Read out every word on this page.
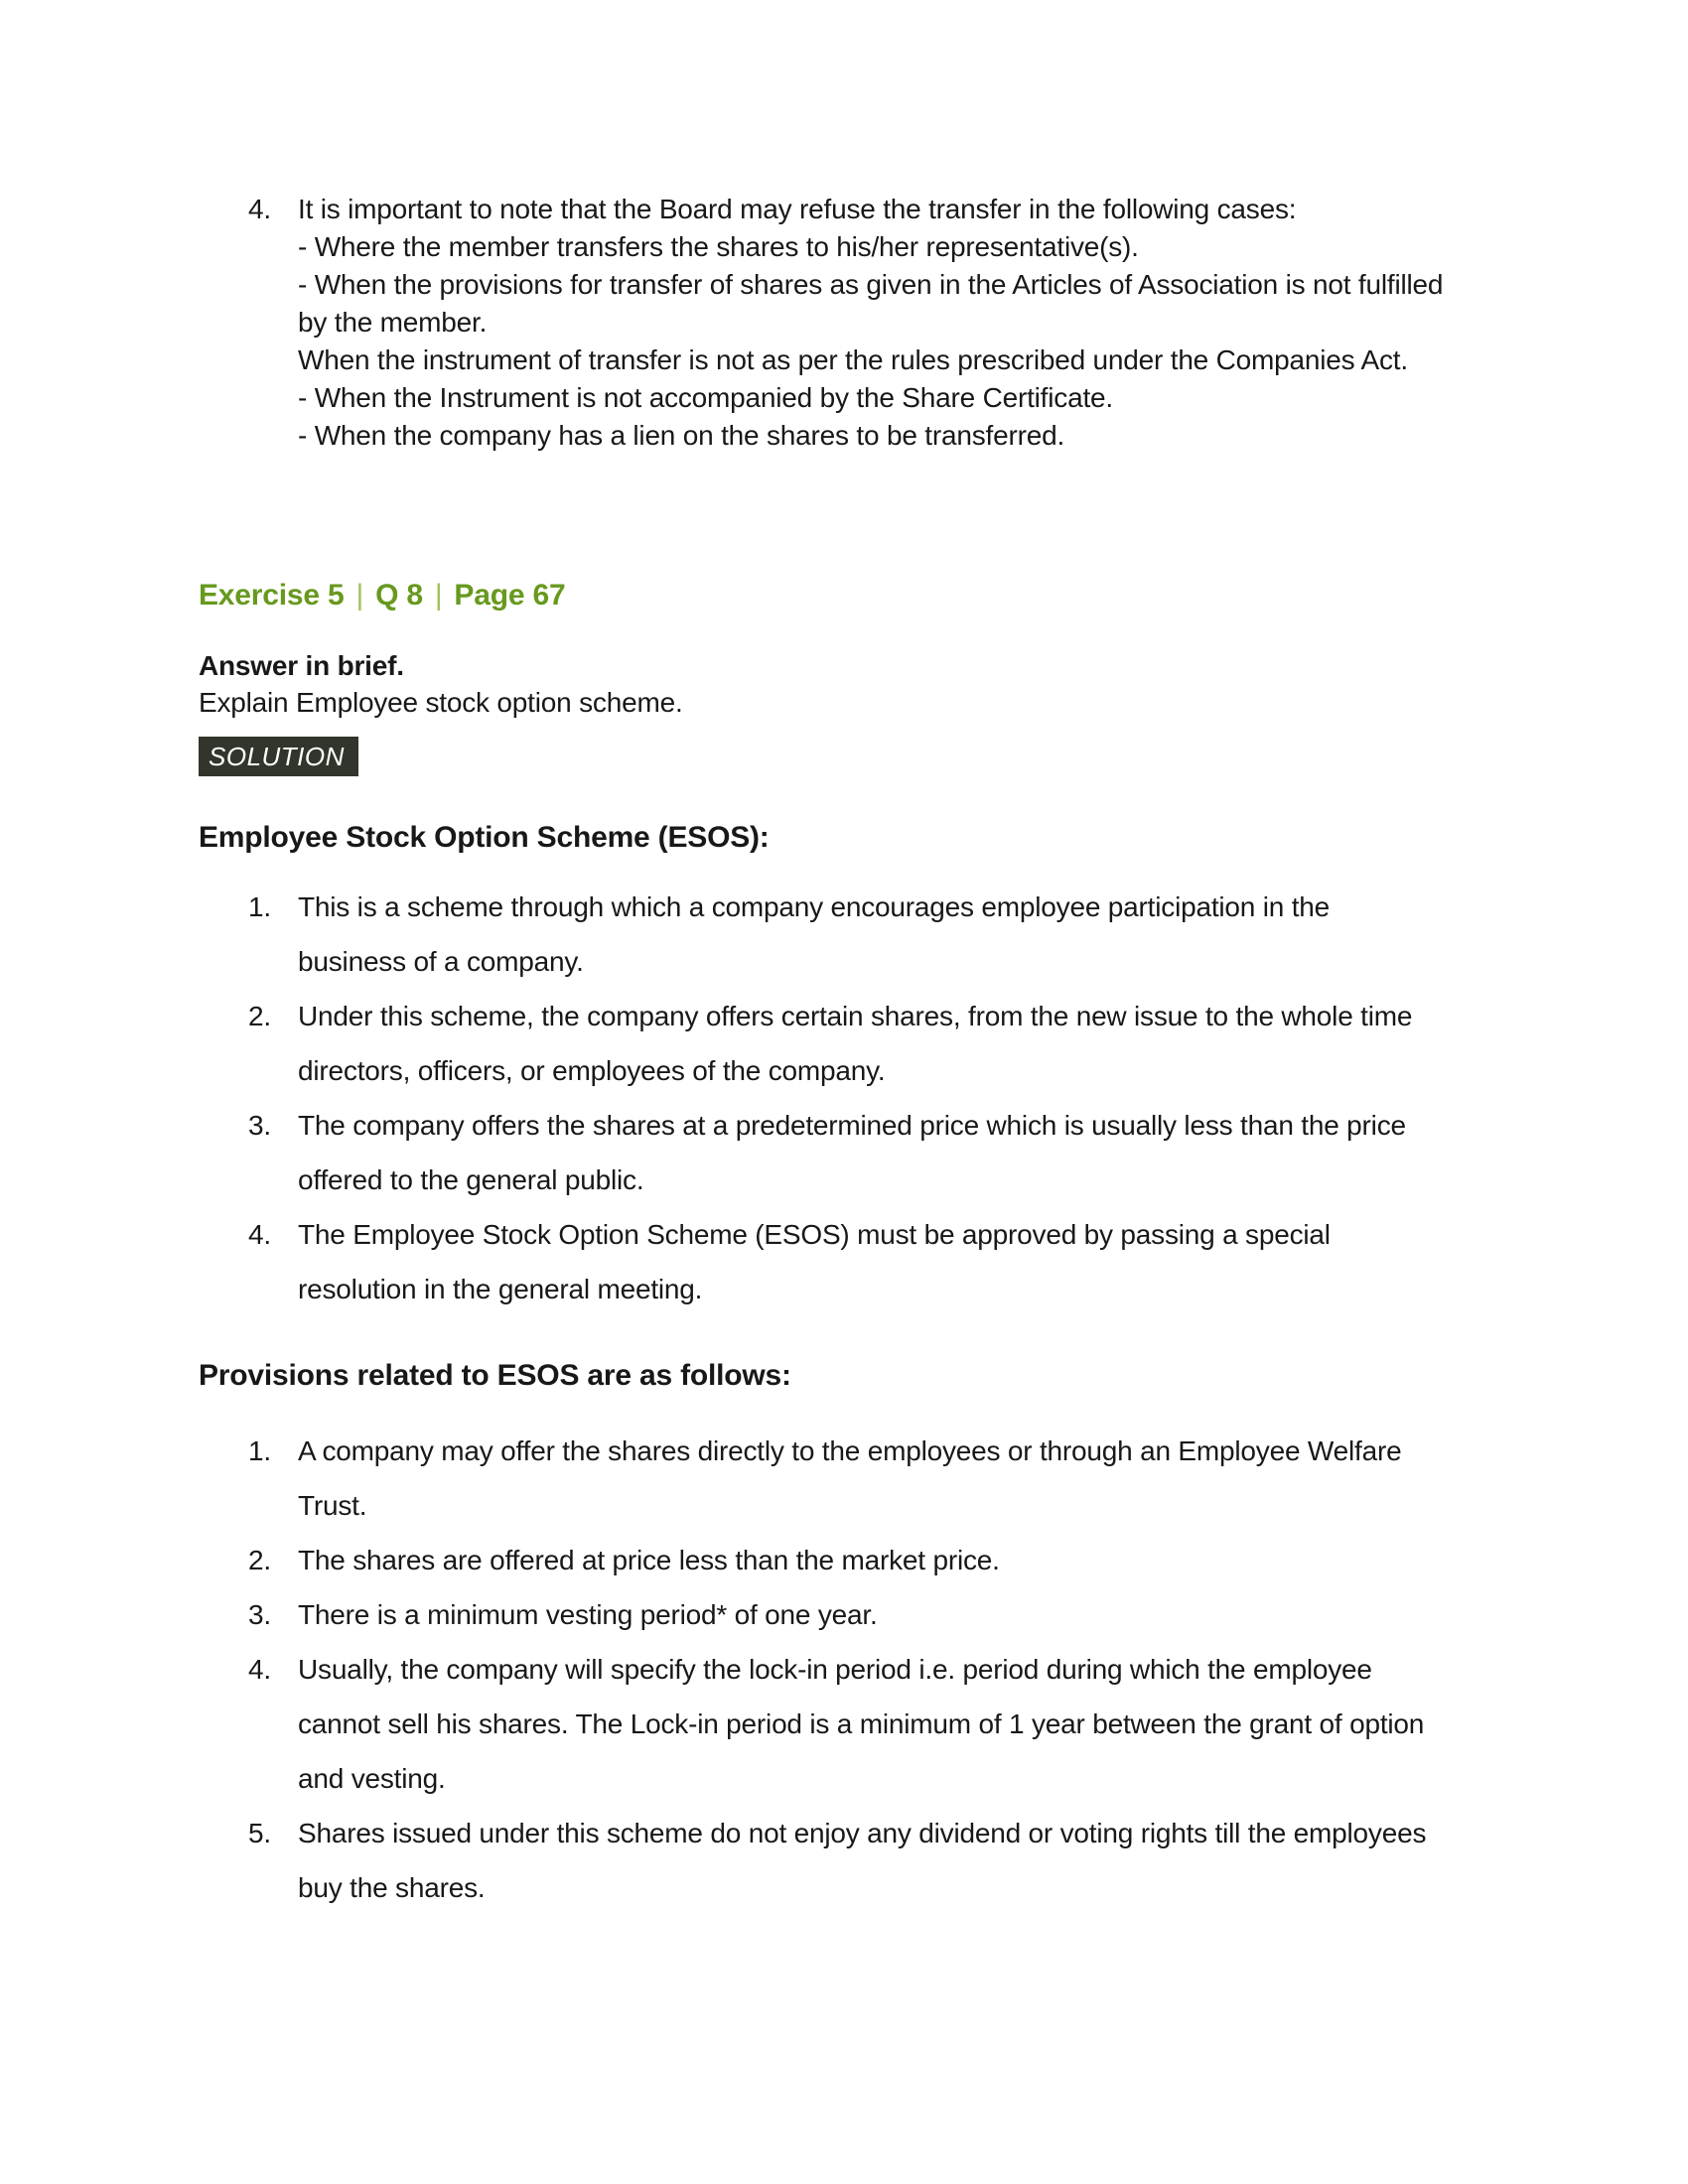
4. It is important to note that the Board may refuse the transfer in the following cases:
- Where the member transfers the shares to his/her representative(s).
- When the provisions for transfer of shares as given in the Articles of Association is not fulfilled by the member.
When the instrument of transfer is not as per the rules prescribed under the Companies Act.
- When the Instrument is not accompanied by the Share Certificate.
- When the company has a lien on the shares to be transferred.
Exercise 5 | Q 8 | Page 67
Answer in brief.
Explain Employee stock option scheme.
SOLUTION
Employee Stock Option Scheme (ESOS):
1. This is a scheme through which a company encourages employee participation in the business of a company.
2. Under this scheme, the company offers certain shares, from the new issue to the whole time directors, officers, or employees of the company.
3. The company offers the shares at a predetermined price which is usually less than the price offered to the general public.
4. The Employee Stock Option Scheme (ESOS) must be approved by passing a special resolution in the general meeting.
Provisions related to ESOS are as follows:
1. A company may offer the shares directly to the employees or through an Employee Welfare Trust.
2. The shares are offered at price less than the market price.
3. There is a minimum vesting period* of one year.
4. Usually, the company will specify the lock-in period i.e. period during which the employee cannot sell his shares. The Lock-in period is a minimum of 1 year between the grant of option and vesting.
5. Shares issued under this scheme do not enjoy any dividend or voting rights till the employees buy the shares.
